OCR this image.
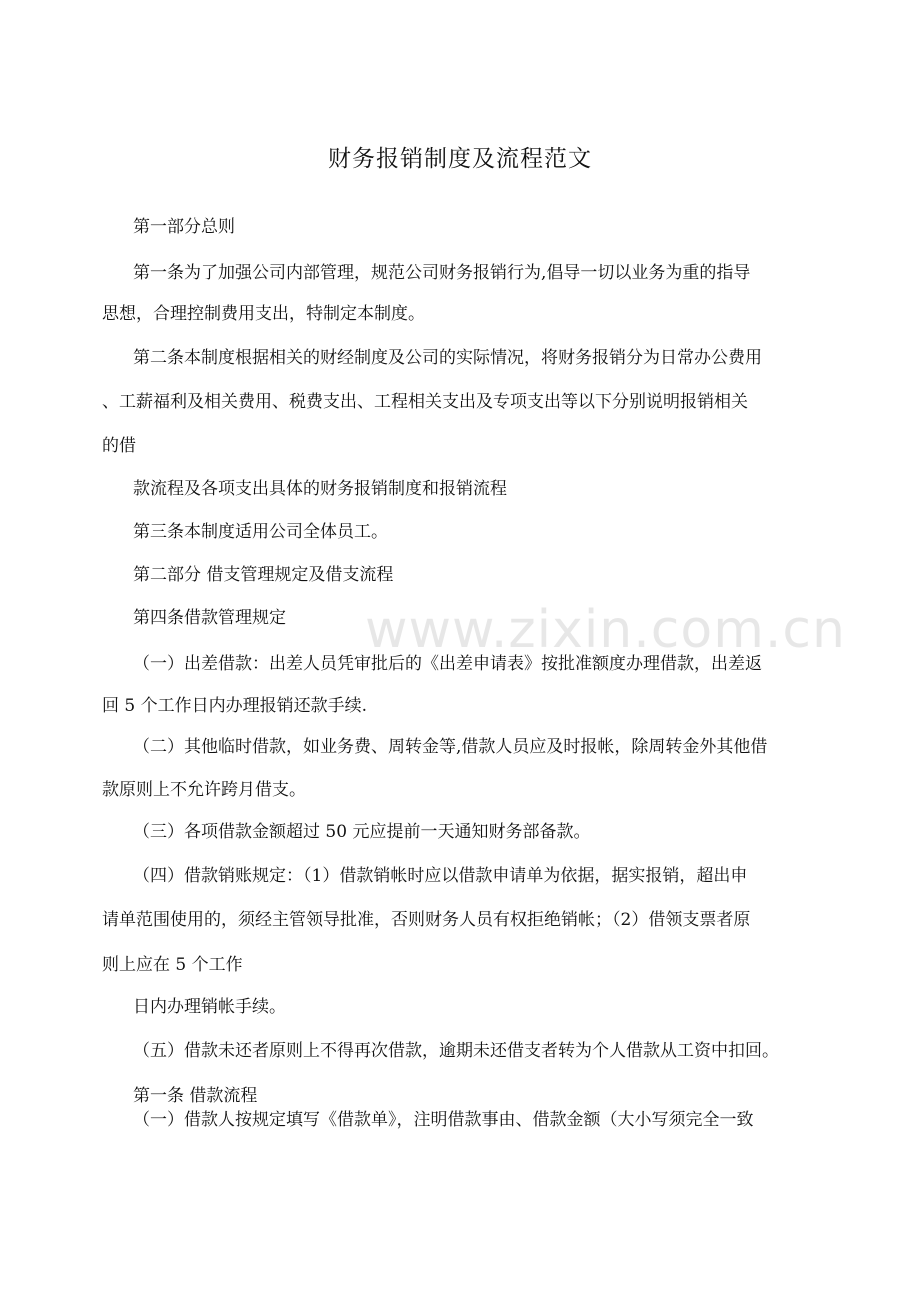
财务报销制度及流程范文

第一部分总则

第一条为了加强公司内部管理，规范公司财务报销行为,倡导一切以业务为重的指导

思想，合理控制费用支出，特制定本制度。

第二条本制度根据相关的财经制度及公司的实际情况，将财务报销分为日常办公费用

、工薪福利及相关费用、税费支出、工程相关支出及专项支出等以下分别说明报销相关

的借

款流程及各项支出具体的财务报销制度和报销流程

第三条本制度适用公司全体员工。

第二部分 借支管理规定及借支流程

第四条借款管理规定

（一）出差借款：出差人员凭审批后的《出差申请表》按批准额度办理借款，出差返

回 5 个工作日内办理报销还款手续.

（二）其他临时借款，如业务费、周转金等,借款人员应及时报帐，除周转金外其他借

款原则上不允许跨月借支。

（三）各项借款金额超过 50 元应提前一天通知财务部备款。

（四）借款销账规定：（1）借款销帐时应以借款申请单为依据，据实报销，超出申

请单范围使用的，须经主管领导批准，否则财务人员有权拒绝销帐；（2）借领支票者原

则上应在 5 个工作

日内办理销帐手续。

（五）借款未还者原则上不得再次借款，逾期未还借支者转为个人借款从工资中扣回。

第一条 借款流程

（一）借款人按规定填写《借款单》，注明借款事由、借款金额（大小写须完全一致

www.zixin.com.cn
